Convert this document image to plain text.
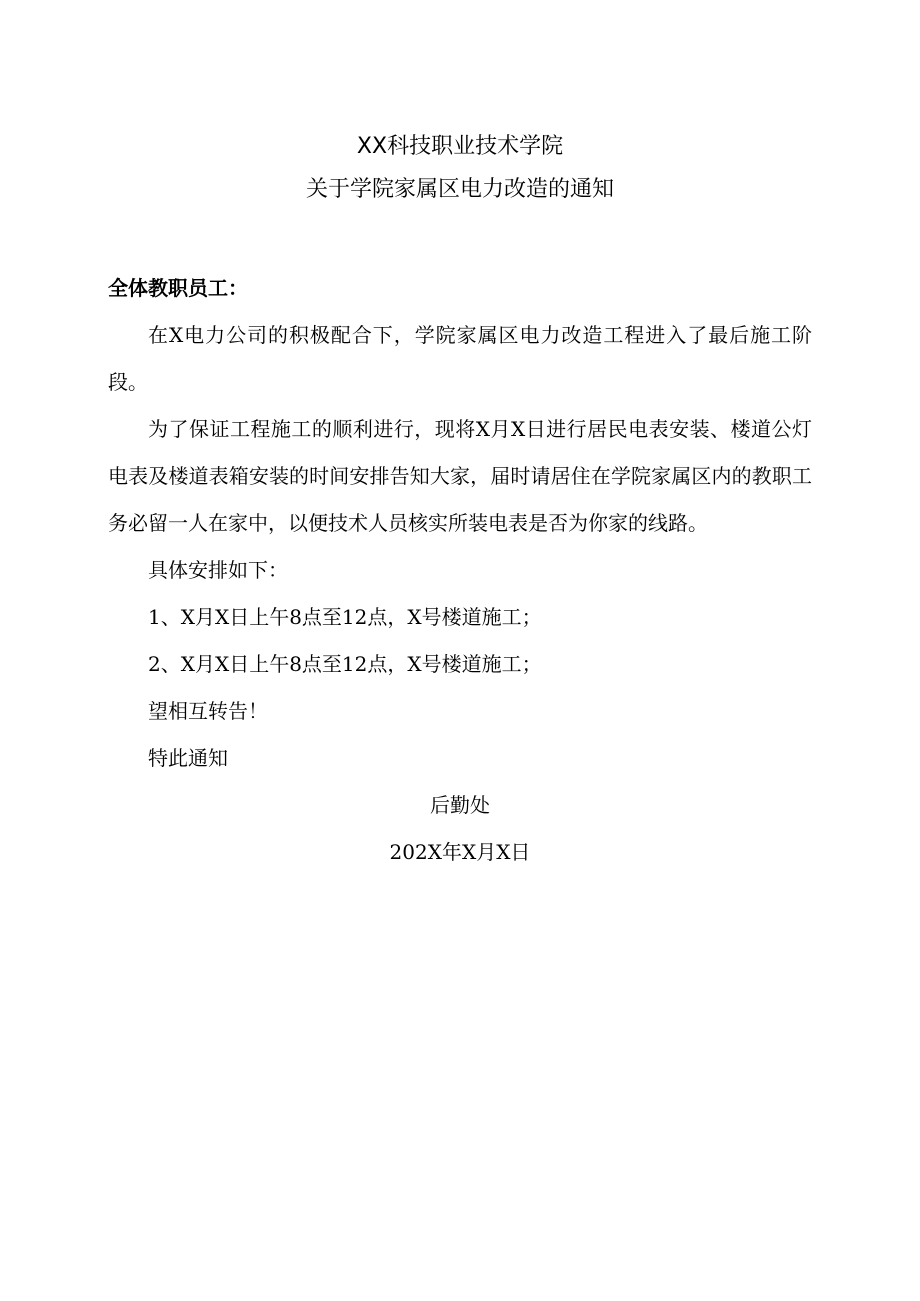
XX科技职业技术学院
关于学院家属区电力改造的通知

全体教职员工：

在X电力公司的积极配合下，学院家属区电力改造工程进入了最后施工阶段。

为了保证工程施工的顺利进行，现将X月X日进行居民电表安装、楼道公灯电表及楼道表箱安装的时间安排告知大家，届时请居住在学院家属区内的教职工务必留一人在家中，以便技术人员核实所装电表是否为你家的线路。

具体安排如下：

1、X月X日上午8点至12点，X号楼道施工；

2、X月X日上午8点至12点，X号楼道施工；

望相互转告！

特此通知

后勤处

202X年X月X日
